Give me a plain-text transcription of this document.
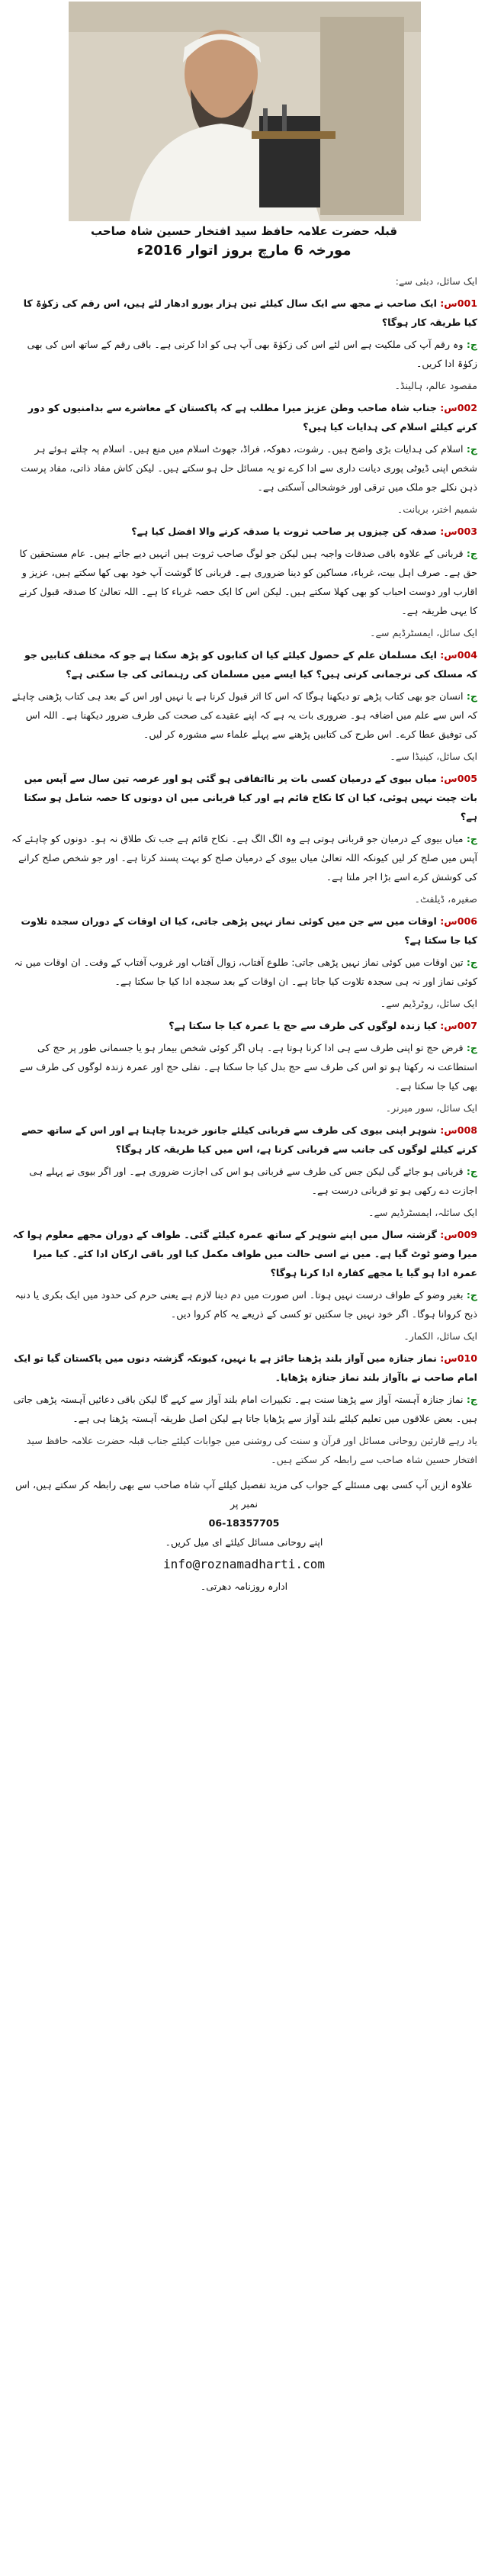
قبلہ حضرت علامہ حافظ سید افتخار حسین شاہ صاحب
مورخہ 6 مارچ بروز اتوار 2016ء

ایک سائل، دبئی سے:

001س: ایک صاحب نے مجھ سے ایک سال کیلئے تین ہزار یورو ادھار لئے ہیں، اس رقم کی زکوٰۃ کا کیا طریقہ کار ہوگا؟

ج: وہ رقم آپ کی ملکیت ہے اس لئے اس کی زکوٰۃ بھی آپ ہی کو ادا کرنی ہے۔ باقی رقم کے ساتھ اس کی بھی زکوٰۃ ادا کریں۔

مقصود عالم، ہالینڈ۔

002س: جناب شاہ صاحب وطن عزیز میرا مطلب ہے کہ پاکستان کے معاشرے سے بدامنیوں کو دور کرنے کیلئے اسلام کی ہدایات کیا ہیں؟

ج: اسلام کی ہدایات بڑی واضح ہیں۔ رشوت، دھوکہ، فراڈ، جھوٹ اسلام میں منع ہیں۔ اسلام پہ چلتے ہوئے ہر شخص اپنی ڈیوٹی پوری دیانت داری سے ادا کرے تو یہ مسائل حل ہو سکتے ہیں۔ لیکن کاش مفاد ذاتی، مفاد پرست ذہن نکلے جو ملک میں ترقی اور خوشحالی آسکتی ہے۔

شمیم اختر، بریانت۔

003س: صدقہ کن چیزوں پر صاحب ثروت یا صدقہ کرنے والا افضل کیا ہے؟

ج: قربانی کے علاوہ باقی صدقات واجبہ ہیں لیکن جو لوگ صاحب ثروت ہیں انہیں دیے جاتے ہیں۔ عام مستحقین کا حق ہے۔ صرف اہل بیت، غرباء، مساکین کو دینا ضروری ہے۔ قربانی کا گوشت آپ خود بھی کھا سکتے ہیں، عزیز و اقارب اور دوست احباب کو بھی کھلا سکتے ہیں۔ لیکن اس کا ایک حصہ غرباء کا ہے۔ اللہ تعالیٰ کا صدقہ قبول کرنے کا یہی طریقہ ہے۔

ایک سائل، ایمسٹرڈیم سے۔

004س: ایک مسلمان علم کے حصول کیلئے کیا ان کتابوں کو پڑھ سکتا ہے جو کہ مختلف کتابیں جو کہ مسلک کی ترجمانی کرتی ہیں؟ کیا ایسے میں مسلمان کی رہنمائی کی جا سکتی ہے؟

ج: انسان جو بھی کتاب پڑھے تو دیکھنا ہوگا کہ اس کا اثر قبول کرنا ہے یا نہیں اور اس کے بعد ہی کتاب پڑھنی چاہئے کہ اس سے علم میں اضافہ ہو۔ ضروری بات یہ ہے کہ اپنے عقیدے کی صحت کی طرف ضرور دیکھنا ہے۔ اللہ اس کی توفیق عطا کرے۔ اس طرح کی کتابیں پڑھنے سے پہلے علماء سے مشورہ کر لیں۔

ایک سائل، کینیڈا سے۔

005س: میاں بیوی کے درمیان کسی بات پر نااتفاقی ہو گئی ہو اور عرصہ تین سال سے آپس میں بات چیت نہیں ہوئی، کیا ان کا نکاح قائم ہے اور کیا قربانی میں ان دونوں کا حصہ شامل ہو سکتا ہے؟

ج: میاں بیوی کے درمیان جو قربانی ہوتی ہے وہ الگ الگ ہے۔ نکاح قائم ہے جب تک طلاق نہ ہو۔ دونوں کو چاہئے کہ آپس میں صلح کر لیں کیونکہ اللہ تعالیٰ میاں بیوی کے درمیان صلح کو بہت پسند کرتا ہے۔ اور جو شخص صلح کرانے کی کوشش کرے اسے بڑا اجر ملتا ہے۔

صغیرہ، ڈیلفٹ۔

006س: اوقات میں سے جن میں کوئی نماز نہیں پڑھی جاتی، کیا ان اوقات کے دوران سجدہ تلاوت کیا جا سکتا ہے؟

ج: تین اوقات میں کوئی نماز نہیں پڑھی جاتی: طلوع آفتاب، زوال آفتاب اور غروب آفتاب کے وقت۔ ان اوقات میں نہ کوئی نماز اور نہ ہی سجدہ تلاوت کیا جاتا ہے۔ ان اوقات کے بعد سجدہ ادا کیا جا سکتا ہے۔

ایک سائل، روٹرڈیم سے۔

007س: کیا زندہ لوگوں کی طرف سے حج یا عمرہ کیا جا سکتا ہے؟

ج: فرض حج تو اپنی طرف سے ہی ادا کرنا ہوتا ہے۔ ہاں اگر کوئی شخص بیمار ہو یا جسمانی طور پر حج کی استطاعت نہ رکھتا ہو تو اس کی طرف سے حج بدل کیا جا سکتا ہے۔ نفلی حج اور عمرہ زندہ لوگوں کی طرف سے بھی کیا جا سکتا ہے۔

ایک سائل، سور میرنر۔

008س: شوہر اپنی بیوی کی طرف سے قربانی کیلئے جانور خریدنا چاہتا ہے اور اس کے ساتھ حصے کرنے کیلئے لوگوں کی جانب سے قربانی کرنا ہے، اس میں کیا طریقہ کار ہوگا؟

ج: قربانی ہو جائے گی لیکن جس کی طرف سے قربانی ہو اس کی اجازت ضروری ہے۔ اور اگر بیوی نے پہلے ہی اجازت دے رکھی ہو تو قربانی درست ہے۔

ایک سائلہ، ایمسٹرڈیم سے۔

009س: گزشتہ سال میں اپنے شوہر کے ساتھ عمرہ کیلئے گئی۔ طواف کے دوران مجھے معلوم ہوا کہ میرا وضو ٹوٹ گیا ہے۔ میں نے اسی حالت میں طواف مکمل کیا اور باقی ارکان ادا کئے۔ کیا میرا عمرہ ادا ہو گیا یا مجھے کفارہ ادا کرنا ہوگا؟

ج: بغیر وضو کے طواف درست نہیں ہوتا۔ اس صورت میں دم دینا لازم ہے یعنی حرم کی حدود میں ایک بکری یا دنبہ ذبح کروانا ہوگا۔ اگر خود نہیں جا سکتیں تو کسی کے ذریعے یہ کام کروا دیں۔

ایک سائل، الکمار۔

010س: نماز جنازہ میں آواز بلند پڑھنا جائز ہے یا نہیں، کیونکہ گزشتہ دنوں میں پاکستان گیا تو ایک امام صاحب نے باآواز بلند نماز جنازہ پڑھایا۔

ج: نماز جنازہ آہستہ آواز سے پڑھنا سنت ہے۔ تکبیرات امام بلند آواز سے کہے گا لیکن باقی دعائیں آہستہ پڑھی جاتی ہیں۔ بعض علاقوں میں تعلیم کیلئے بلند آواز سے پڑھایا جاتا ہے لیکن اصل طریقہ آہستہ پڑھنا ہی ہے۔

یاد رہے قارئین روحانی مسائل اور قرآن و سنت کی روشنی میں جوابات کیلئے جناب قبلہ حضرت علامہ حافظ سید افتخار حسین شاہ صاحب سے رابطہ کر سکتے ہیں۔

علاوہ ازیں آپ کسی بھی مسئلے کے جواب کی مزید تفصیل کیلئے آپ شاہ صاحب سے بھی رابطہ کر سکتے ہیں، اس نمبر پر
06-18357705
اپنے روحانی مسائل کیلئے ای میل کریں۔
info@roznamadharti.com
ادارہ روزنامہ دھرتی۔
